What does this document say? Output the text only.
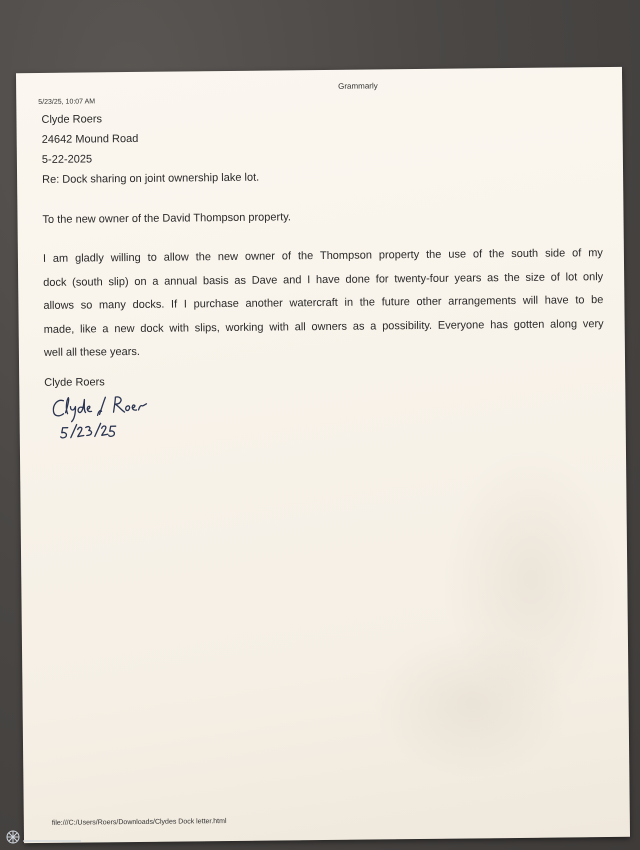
Grammarly
5/23/25, 10:07 AM
Clyde Roers
24642 Mound Road
5-22-2025
Re: Dock sharing on joint ownership lake lot.
To the new owner of the David Thompson property.
I am gladly willing to allow the new owner of the Thompson property the use of the south side of my
dock (south slip) on a annual basis as Dave and I have done for twenty-four years as the size of lot only
allows so many docks. If I purchase another watercraft in the future other arrangements will have to be
made, like a new dock with slips, working with all owners as a possibility. Everyone has gotten along very
well all these years.
Clyde Roers
file:///C:/Users/Roers/Downloads/Clydes Dock letter.html
